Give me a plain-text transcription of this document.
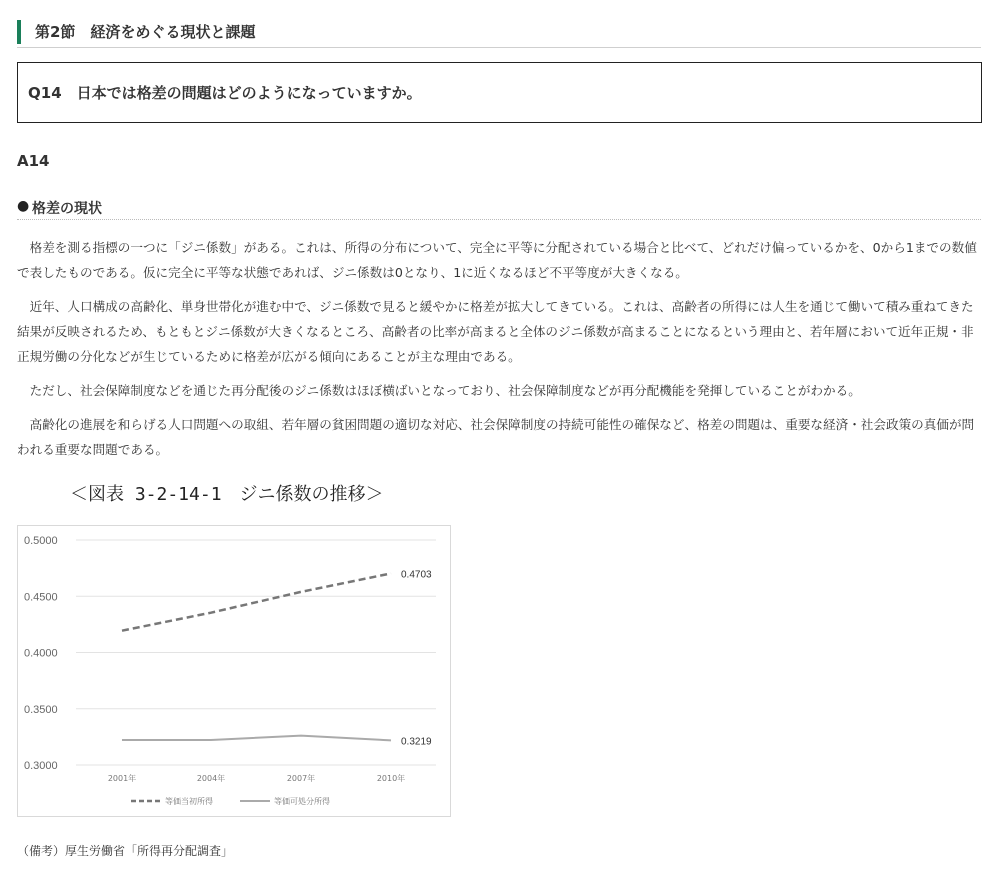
第2節　経済をめぐる現状と課題
Q14　日本では格差の問題はどのようになっていますか。
A14
● 格差の現状

格差を測る指標の一つに「ジニ係数」がある。これは、所得の分布について、完全に平等に分配されている場合と比べて、どれだけ偏っているかを、0から1までの数値で表したものである。仮に完全に平等な状態であれば、ジニ係数は0となり、1に近くなるほど不平等度が大きくなる。

近年、人口構成の高齢化、単身世帯化が進む中で、ジニ係数で見ると緩やかに格差が拡大してきている。これは、高齢者の所得には人生を通じて働いて積み重ねてきた結果が反映されるため、もともとジニ係数が大きくなるところ、高齢者の比率が高まると全体のジニ係数が高まることになるという理由と、若年層において近年正規・非正規労働の分化などが生じているために格差が広がる傾向にあることが主な理由である。

ただし、社会保障制度などを通じた再分配後のジニ係数はほぼ横ばいとなっており、社会保障制度などが再分配機能を発揮していることがわかる。

高齢化の進展を和らげる人口問題への取組、若年層の貧困問題の適切な対応、社会保障制度の持続可能性の確保など、格差の問題は、重要な経済・社会政策の真価が問われる重要な問題である。

＜図表 3-2-14-1　ジニ係数の推移＞
0.3000
0.3500
0.4000
0.4500
0.5000
2001年	2004年	2007年	2010年
0.4703
0.3219
等価当初所得	等価可処分所得
（備考）厚生労働省「所得再分配調査」
